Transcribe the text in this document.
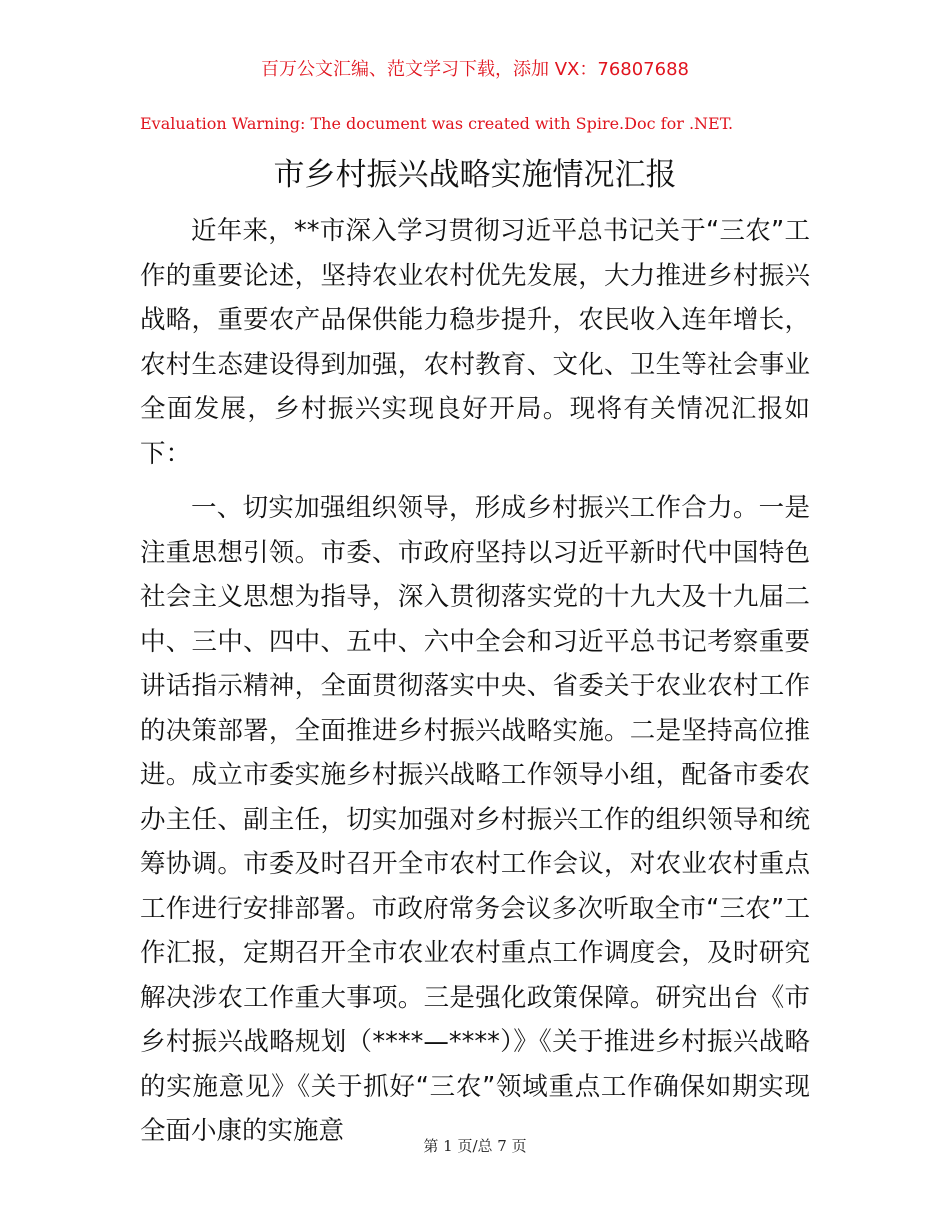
百万公文汇编、范文学习下载，添加 VX：76807688
Evaluation Warning: The document was created with Spire.Doc for .NET.
市乡村振兴战略实施情况汇报

近年来，**市深入学习贯彻习近平总书记关于“三农”工作的重要论述，坚持农业农村优先发展，大力推进乡村振兴战略，重要农产品保供能力稳步提升，农民收入连年增长，农村生态建设得到加强，农村教育、文化、卫生等社会事业全面发展，乡村振兴实现良好开局。现将有关情况汇报如下：

一、切实加强组织领导，形成乡村振兴工作合力。一是注重思想引领。市委、市政府坚持以习近平新时代中国特色社会主义思想为指导，深入贯彻落实党的十九大及十九届二中、三中、四中、五中、六中全会和习近平总书记考察重要讲话指示精神，全面贯彻落实中央、省委关于农业农村工作的决策部署，全面推进乡村振兴战略实施。二是坚持高位推进。成立市委实施乡村振兴战略工作领导小组，配备市委农办主任、副主任，切实加强对乡村振兴工作的组织领导和统筹协调。市委及时召开全市农村工作会议，对农业农村重点工作进行安排部署。市政府常务会议多次听取全市“三农”工作汇报，定期召开全市农业农村重点工作调度会，及时研究解决涉农工作重大事项。三是强化政策保障。研究出台《市乡村振兴战略规划（****—****）》《关于推进乡村振兴战略的实施意见》《关于抓好“三农”领域重点工作确保如期实现全面小康的实施意	第 1 页/总 7 页
